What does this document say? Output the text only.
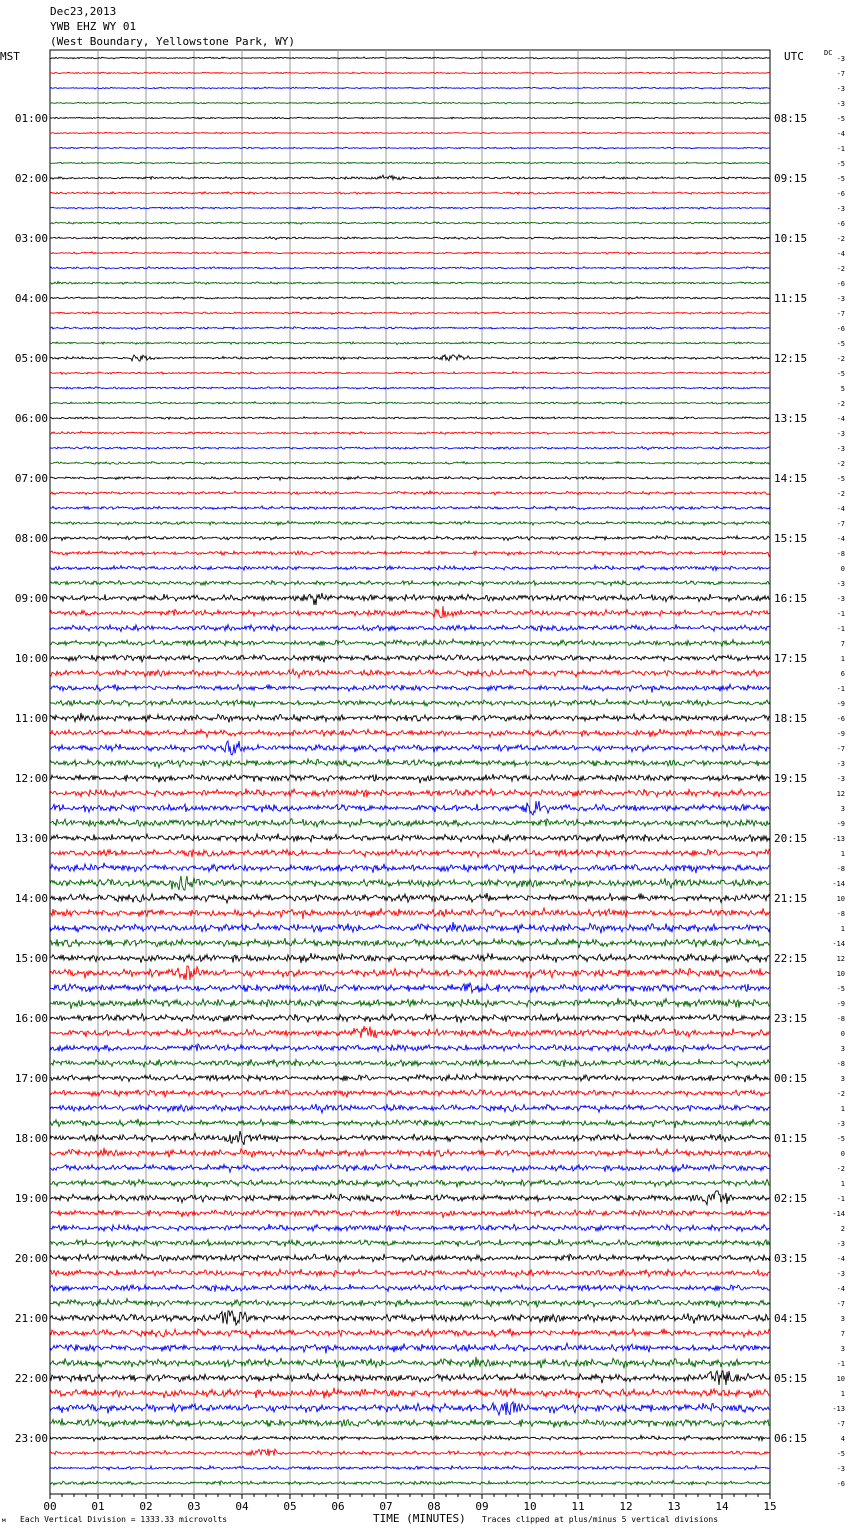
Dec23,2013
YWB EHZ WY 01
(West Boundary, Yellowstone Park, WY)
MST	UTC	DC
00	01	02	03	04	05	06	07	08	09	10	11	12	13	14	15
-3
-7
-3
-3
-5
-4
-1
-5
-5
-6
-3
-6
-2
-4
-2
-6
-3
-7
-6
-5
-2
-5
5
-2
-4
-3
-3
-2
-5
-2
-4
-7
-4
-8
0
-3
-3
-1
-1
7
1
6
-1
-9
-6
-9
-7
-3
-3
12
3
-9
-13
1
-8
-14
10
-8
1
-14
12
10
-5
-9
-8
0
3
-8
3
-2
1
-3
-5
0
-2
1
-1
-14
2
-3
-4
-3
-4
-7
3
7
3
-1
10
1
-13
-7
4
-5
-3
-6
01:00
02:00
03:00
04:00
05:00
06:00
07:00
08:00
09:00
10:00
11:00
12:00
13:00
14:00
15:00
16:00
17:00
18:00
19:00
20:00
21:00
22:00
23:00
08:15
09:15
10:15
11:15
12:15
13:15
14:15
15:15
16:15
17:15
18:15
19:15
20:15
21:15
22:15
23:15
00:15
01:15
02:15
03:15
04:15
05:15
06:15
Each Vertical Division = 1333.33 microvolts	TIME (MINUTES) Traces clipped at plus/minus 5 vertical divisions
м
